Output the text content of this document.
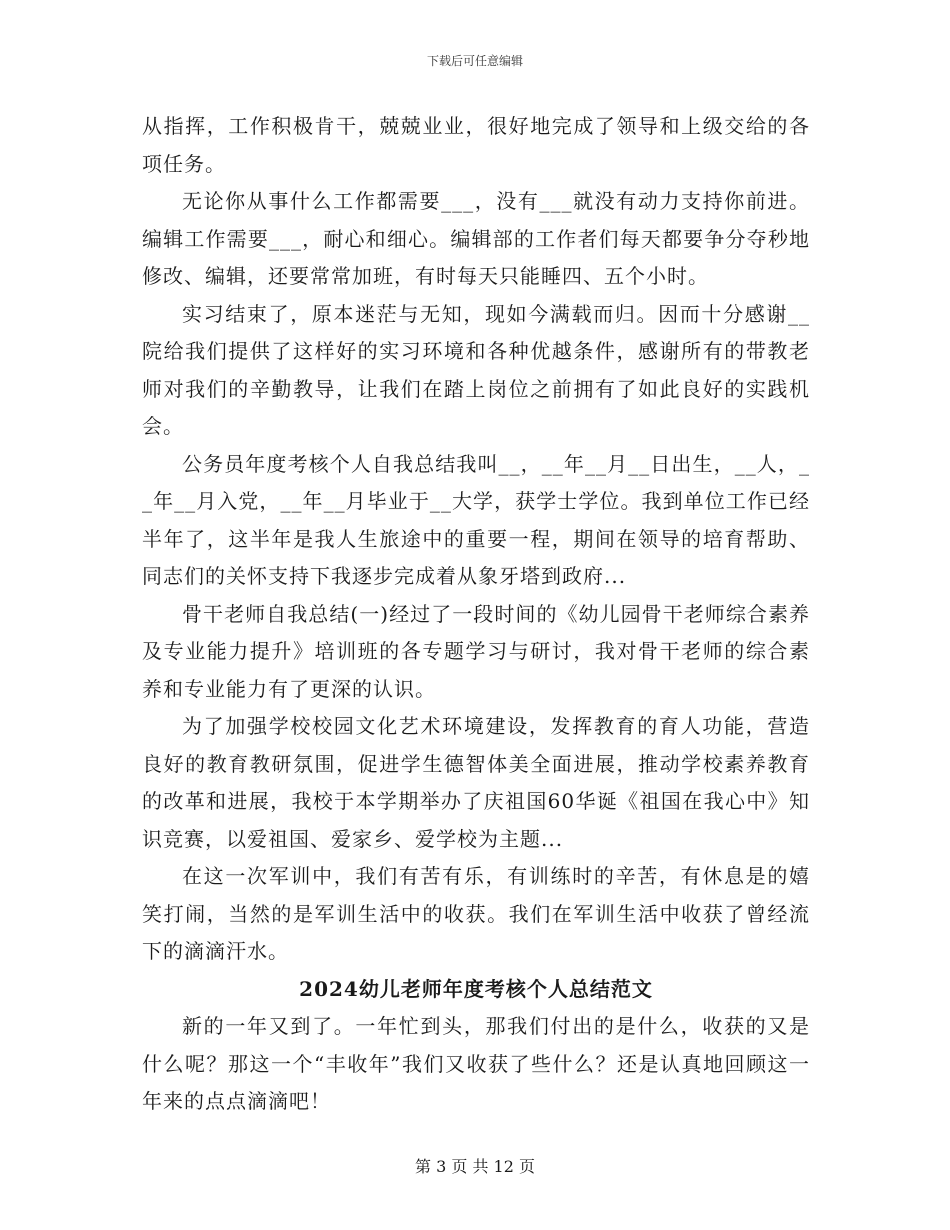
下载后可任意编辑

从指挥，工作积极肯干，兢兢业业，很好地完成了领导和上级交给的各项任务。

无论你从事什么工作都需要___，没有___就没有动力支持你前进。编辑工作需要___，耐心和细心。编辑部的工作者们每天都要争分夺秒地修改、编辑，还要常常加班，有时每天只能睡四、五个小时。

实习结束了，原本迷茫与无知，现如今满载而归。因而十分感谢__院给我们提供了这样好的实习环境和各种优越条件，感谢所有的带教老师对我们的辛勤教导，让我们在踏上岗位之前拥有了如此良好的实践机会。

公务员年度考核个人自我总结我叫__，__年__月__日出生，__人，__年__月入党，__年__月毕业于__大学，获学士学位。我到单位工作已经半年了，这半年是我人生旅途中的重要一程，期间在领导的培育帮助、同志们的关怀支持下我逐步完成着从象牙塔到政府...

骨干老师自我总结(一)经过了一段时间的《幼儿园骨干老师综合素养及专业能力提升》培训班的各专题学习与研讨，我对骨干老师的综合素养和专业能力有了更深的认识。

为了加强学校校园文化艺术环境建设，发挥教育的育人功能，营造良好的教育教研氛围，促进学生德智体美全面进展，推动学校素养教育的改革和进展，我校于本学期举办了庆祖国60华诞《祖国在我心中》知识竞赛，以爱祖国、爱家乡、爱学校为主题...

在这一次军训中，我们有苦有乐，有训练时的辛苦，有休息是的嬉笑打闹，当然的是军训生活中的收获。我们在军训生活中收获了曾经流下的滴滴汗水。

2024幼儿老师年度考核个人总结范文

新的一年又到了。一年忙到头，那我们付出的是什么，收获的又是什么呢？那这一个“丰收年”我们又收获了些什么？还是认真地回顾这一年来的点点滴滴吧！

第 3 页 共 12 页
